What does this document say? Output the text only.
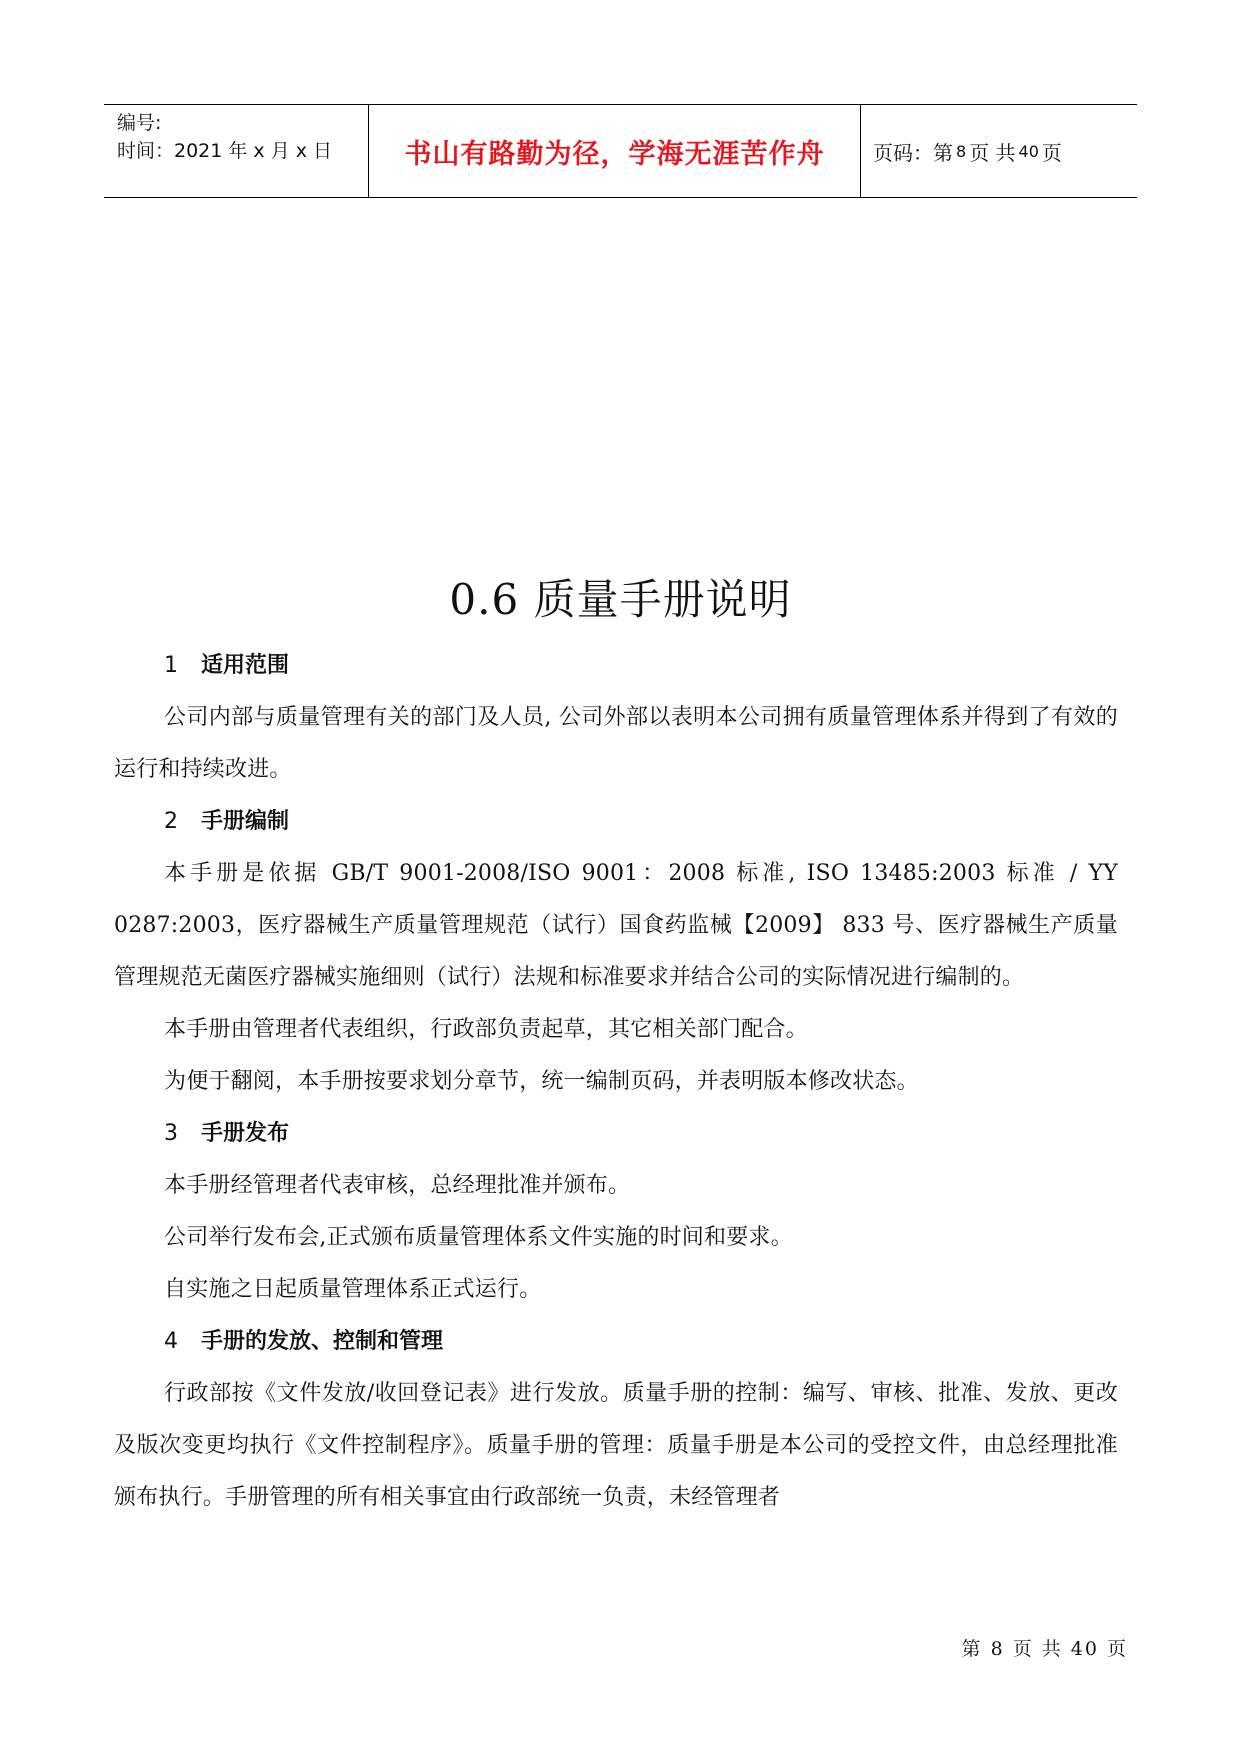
编号:
时间：2021 年 x 月 x 日	书山有路勤为径，学海无涯苦作舟 页码：第 8 页 共 40 页
0.6 质量手册说明
1 适用范围

公司内部与质量管理有关的部门及人员, 公司外部以表明本公司拥有质量管理体系并得到了有效的运行和持续改进。

2 手册编制

本手册是依据 GB/T 9001-2008/ISO 9001：2008 标准, ISO 13485:2003 标准 / YY 0287:2003，医疗器械生产质量管理规范（试行）国食药监械【2009】 833 号、医疗器械生产质量管理规范无菌医疗器械实施细则（试行）法规和标准要求并结合公司的实际情况进行编制的。

本手册由管理者代表组织，行政部负责起草，其它相关部门配合。

为便于翻阅，本手册按要求划分章节，统一编制页码，并表明版本修改状态。

3 手册发布

本手册经管理者代表审核，总经理批准并颁布。

公司举行发布会,正式颁布质量管理体系文件实施的时间和要求。

自实施之日起质量管理体系正式运行。

4 手册的发放、控制和管理

行政部按《文件发放/收回登记表》进行发放。质量手册的控制：编写、审核、批准、发放、更改及版次变更均执行《文件控制程序》。质量手册的管理：质量手册是本公司的受控文件，由总经理批准颁布执行。手册管理的所有相关事宜由行政部统一负责，未经管理者

第 8 页 共 40 页
